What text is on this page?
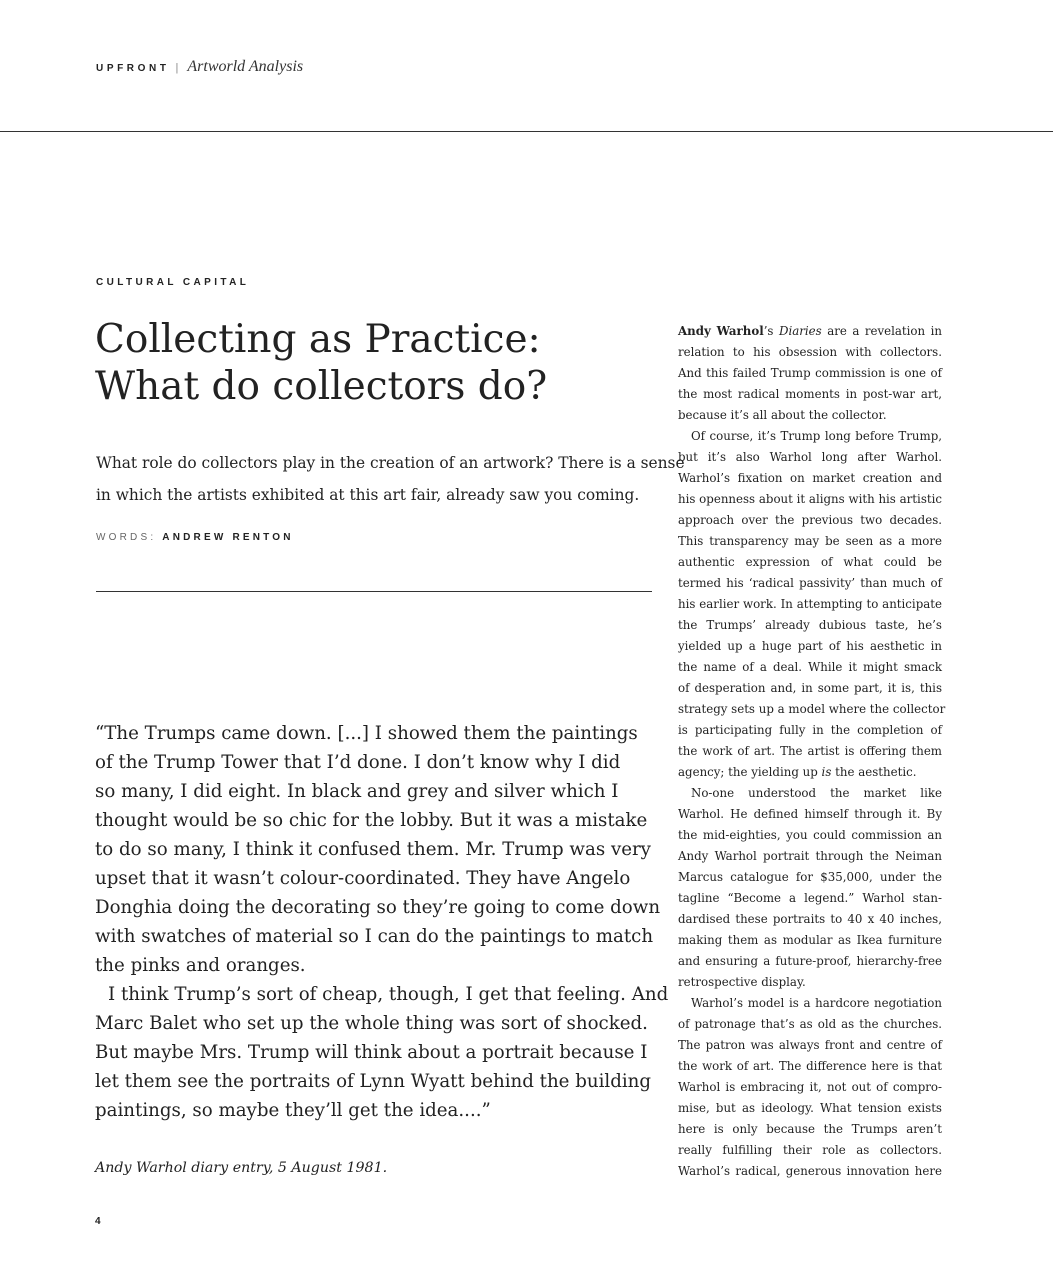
UPFRONT | Artworld Analysis
CULTURAL CAPITAL
Collecting as Practice:
What do collectors do?
What role do collectors play in the creation of an artwork? There is a sense
in which the artists exhibited at this art fair, already saw you coming.
WORDS: ANDREW RENTON
“The Trumps came down. [...] I showed them the paintings
of the Trump Tower that I’d done. I don’t know why I did
so many, I did eight. In black and grey and silver which I
thought would be so chic for the lobby. But it was a mistake
to do so many, I think it confused them. Mr. Trump was very
upset that it wasn’t colour-coordinated. They have Angelo
Donghia doing the decorating so they’re going to come down
with swatches of material so I can do the paintings to match
the pinks and oranges.
I think Trump’s sort of cheap, though, I get that feeling. And
Marc Balet who set up the whole thing was sort of shocked.
But maybe Mrs. Trump will think about a portrait because I
let them see the portraits of Lynn Wyatt behind the building
paintings, so maybe they’ll get the idea....”
Andy Warhol diary entry, 5 August 1981.
4
Andy Warhol’s Diaries are a revelation in
relation to his obsession with collectors.
And this failed Trump commission is one of
the most radical moments in post-war art,
because it’s all about the collector.
Of course, it’s Trump long before Trump,
but it’s also Warhol long after Warhol.
Warhol’s fixation on market creation and
his openness about it aligns with his artistic
approach over the previous two decades.
This transparency may be seen as a more
authentic expression of what could be
termed his ‘radical passivity’ than much of
his earlier work. In attempting to anticipate
the Trumps’ already dubious taste, he’s
yielded up a huge part of his aesthetic in
the name of a deal. While it might smack
of desperation and, in some part, it is, this
strategy sets up a model where the collector
is participating fully in the completion of
the work of art. The artist is offering them
agency; the yielding up is the aesthetic.
No-one understood the market like
Warhol. He defined himself through it. By
the mid-eighties, you could commission an
Andy Warhol portrait through the Neiman
Marcus catalogue for $35,000, under the
tagline “Become a legend.” Warhol stan-
dardised these portraits to 40 x 40 inches,
making them as modular as Ikea furniture
and ensuring a future-proof, hierarchy-free
retrospective display.
Warhol’s model is a hardcore negotiation
of patronage that’s as old as the churches.
The patron was always front and centre of
the work of art. The difference here is that
Warhol is embracing it, not out of compro-
mise, but as ideology. What tension exists
here is only because the Trumps aren’t
really fulfilling their role as collectors.
Warhol’s radical, generous innovation here
